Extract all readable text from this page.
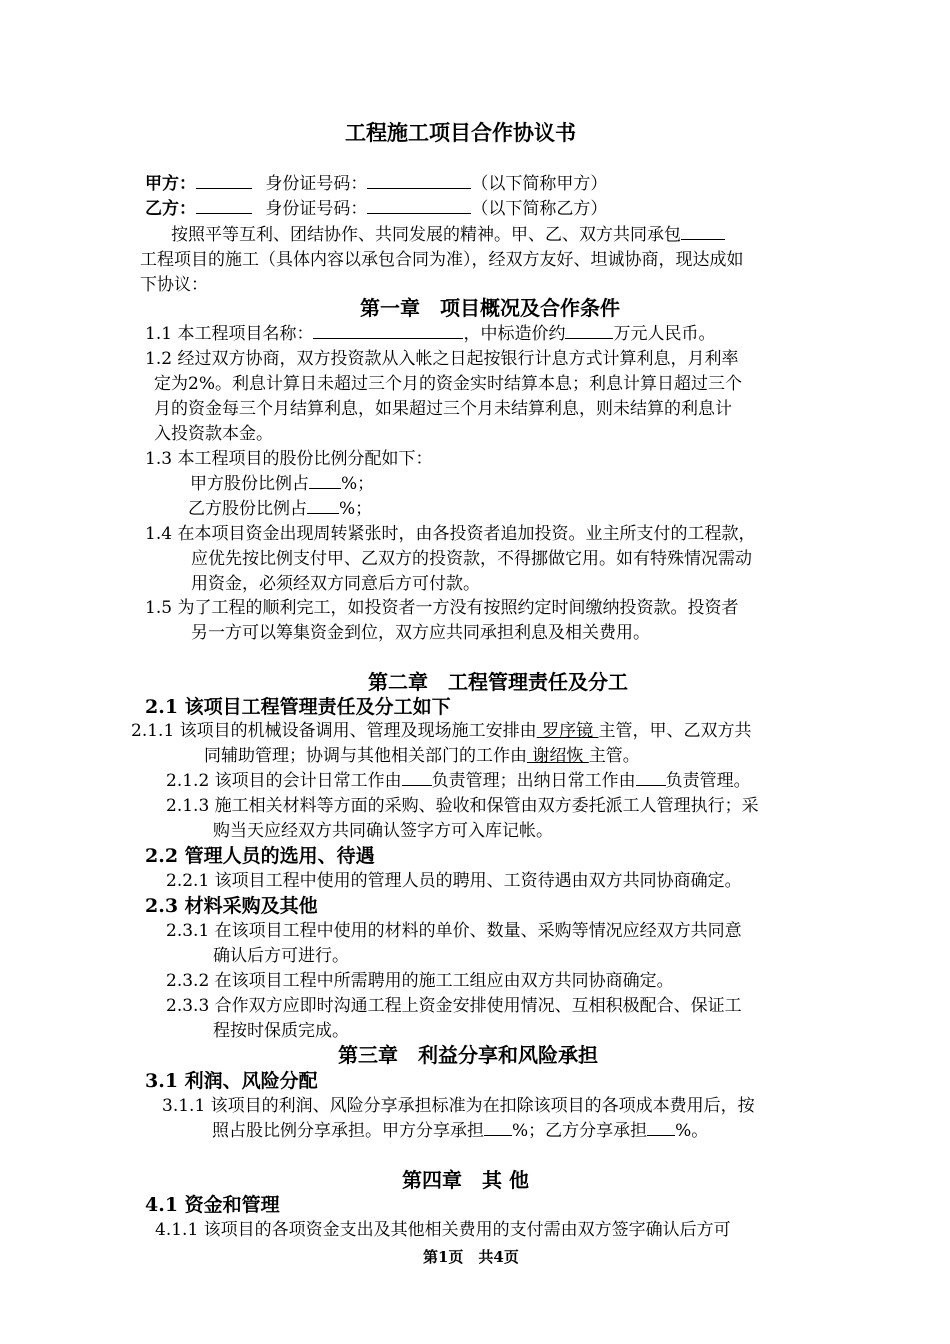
工程施工项目合作协议书
甲方：	身份证号码：	（以下简称甲方）
乙方：	身份证号码：	（以下简称乙方）
按照平等互利、团结协作、共同发展的精神。甲、乙、双方共同承包
工程项目的施工（具体内容以承包合同为准），经双方友好、坦诚协商，现达成如
下协议：
第一章　项目概况及合作条件
1.1 本工程项目名称：	，中标造价约	万元人民币。
1.2 经过双方协商，双方投资款从入帐之日起按银行计息方式计算利息，月利率
定为2%。利息计算日未超过三个月的资金实时结算本息；利息计算日超过三个
月的资金每三个月结算利息，如果超过三个月未结算利息，则未结算的利息计
入投资款本金。
1.3 本工程项目的股份比例分配如下：
甲方股份比例占 %；
乙方股份比例占 %；
1.4 在本项目资金出现周转紧张时，由各投资者追加投资。业主所支付的工程款，
应优先按比例支付甲、乙双方的投资款，不得挪做它用。如有特殊情况需动
用资金，必须经双方同意后方可付款。
1.5 为了工程的顺利完工，如投资者一方没有按照约定时间缴纳投资款。投资者
另一方可以筹集资金到位，双方应共同承担利息及相关费用。
第二章　工程管理责任及分工
2.1 该项目工程管理责任及分工如下
2.1.1 该项目的机械设备调用、管理及现场施工安排由 罗序镜 主管，甲、乙双方共
同辅助管理；协调与其他相关部门的工作由 谢绍恢 主管。
2.1.2 该项目的会计日常工作由 负责管理；出纳日常工作由 负责管理。
2.1.3 施工相关材料等方面的采购、验收和保管由双方委托派工人管理执行；采
购当天应经双方共同确认签字方可入库记帐。
2.2 管理人员的选用、待遇
2.2.1 该项目工程中使用的管理人员的聘用、工资待遇由双方共同协商确定。
2.3 材料采购及其他
2.3.1 在该项目工程中使用的材料的单价、数量、采购等情况应经双方共同意
确认后方可进行。
2.3.2 在该项目工程中所需聘用的施工工组应由双方共同协商确定。
2.3.3 合作双方应即时沟通工程上资金安排使用情况、互相积极配合、保证工
程按时保质完成。
第三章　利益分享和风险承担
3.1 利润、风险分配
3.1.1 该项目的利润、风险分享承担标准为在扣除该项目的各项成本费用后，按
照占股比例分享承担。甲方分享承担 %；乙方分享承担 %。
第四章　其 他
4.1 资金和管理
4.1.1 该项目的各项资金支出及其他相关费用的支付需由双方签字确认后方可
第1页　共4页
